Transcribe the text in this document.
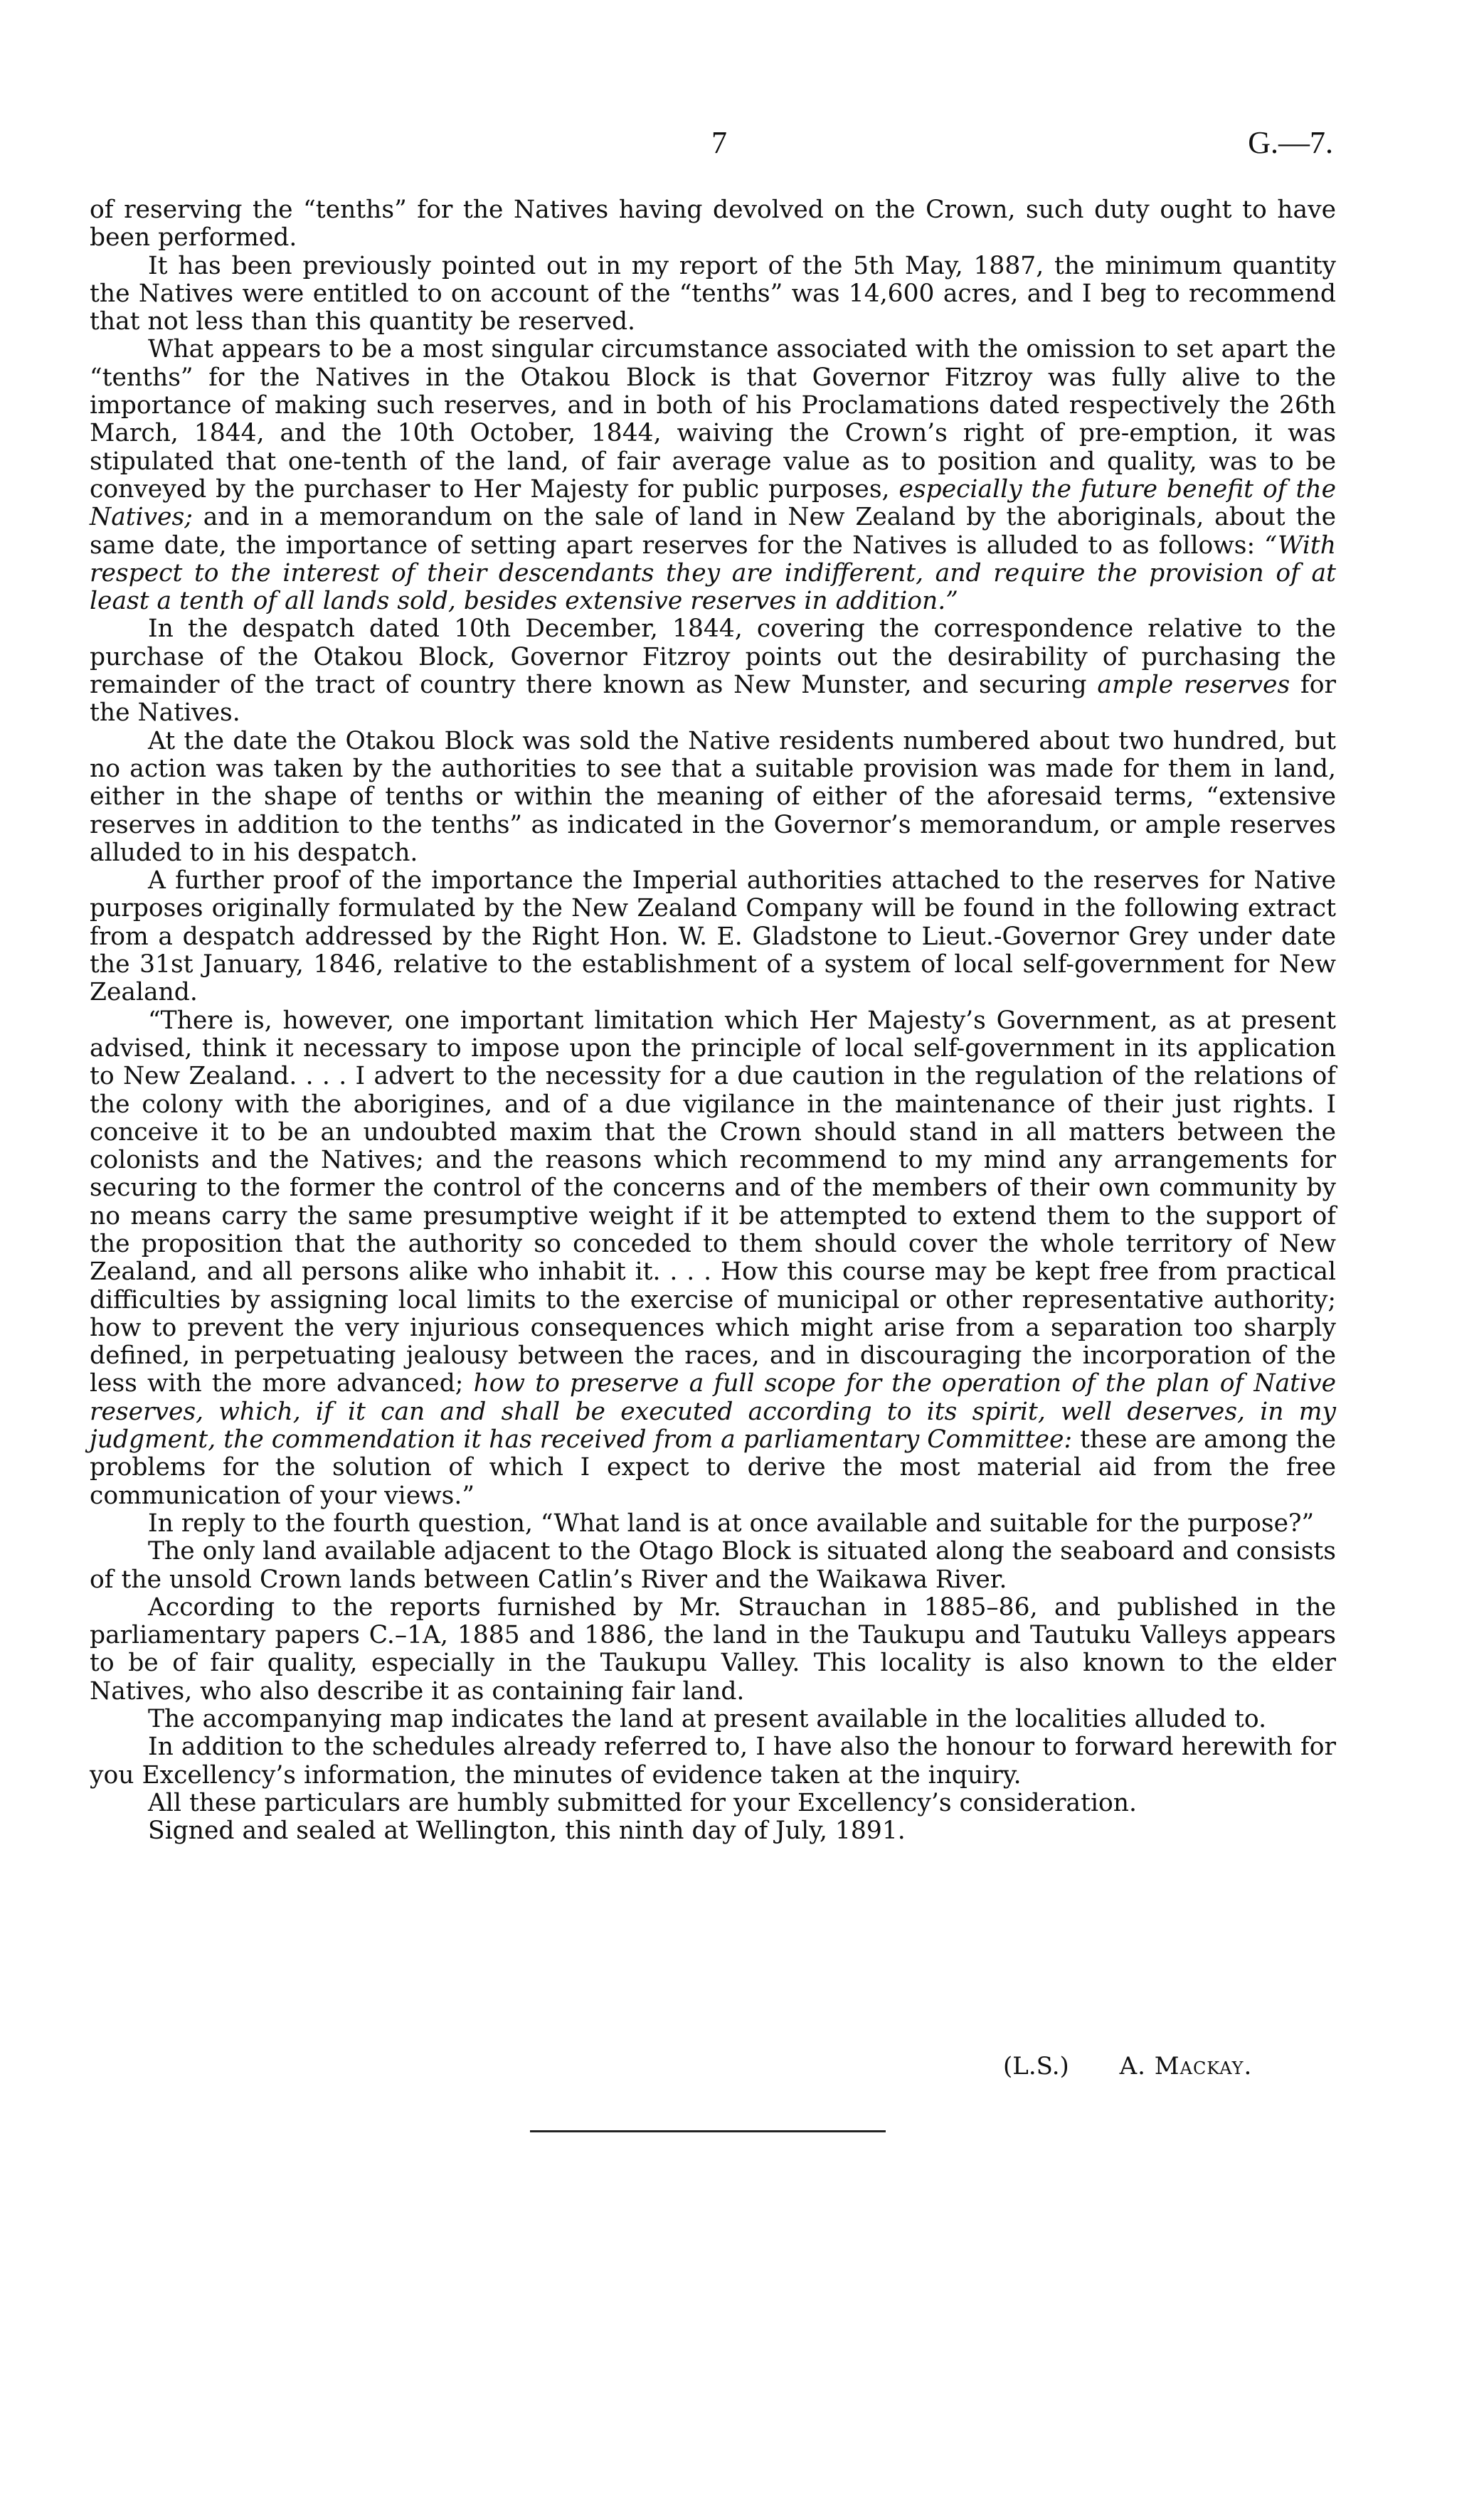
7	G.—7.

of reserving the “tenths” for the Natives having devolved on the Crown, such duty ought to have been performed.

It has been previously pointed out in my report of the 5th May, 1887, the minimum quantity the Natives were entitled to on account of the “tenths” was 14,600 acres, and I beg to recommend that not less than this quantity be reserved.

What appears to be a most singular circumstance associated with the omission to set apart the “tenths” for the Natives in the Otakou Block is that Governor Fitzroy was fully alive to the importance of making such reserves, and in both of his Proclamations dated respectively the 26th March, 1844, and the 10th October, 1844, waiving the Crown’s right of pre-emption, it was stipulated that one-tenth of the land, of fair average value as to position and quality, was to be conveyed by the purchaser to Her Majesty for public purposes, especially the future benefit of the Natives; and in a memorandum on the sale of land in New Zealand by the aboriginals, about the same date, the importance of setting apart reserves for the Natives is alluded to as follows: “With respect to the interest of their descendants they are indifferent, and require the provision of at least a tenth of all lands sold, besides extensive reserves in addition.”

In the despatch dated 10th December, 1844, covering the correspondence relative to the purchase of the Otakou Block, Governor Fitzroy points out the desirability of purchasing the remainder of the tract of country there known as New Munster, and securing ample reserves for the Natives.

At the date the Otakou Block was sold the Native residents numbered about two hundred, but no action was taken by the authorities to see that a suitable provision was made for them in land, either in the shape of tenths or within the meaning of either of the aforesaid terms, “extensive reserves in addition to the tenths” as indicated in the Governor’s memorandum, or ample reserves alluded to in his despatch.

A further proof of the importance the Imperial authorities attached to the reserves for Native purposes originally formulated by the New Zealand Company will be found in the following extract from a despatch addressed by the Right Hon. W. E. Gladstone to Lieut.-Governor Grey under date the 31st January, 1846, relative to the establishment of a system of local self-government for New Zealand.

“There is, however, one important limitation which Her Majesty’s Government, as at present advised, think it necessary to impose upon the principle of local self-government in its application to New Zealand. . . . I advert to the necessity for a due caution in the regulation of the relations of the colony with the aborigines, and of a due vigilance in the maintenance of their just rights. I conceive it to be an undoubted maxim that the Crown should stand in all matters between the colonists and the Natives; and the reasons which recommend to my mind any arrangements for securing to the former the control of the concerns and of the members of their own community by no means carry the same presumptive weight if it be attempted to extend them to the support of the proposition that the authority so conceded to them should cover the whole territory of New Zealand, and all persons alike who inhabit it. . . . How this course may be kept free from practical difficulties by assigning local limits to the exercise of municipal or other representative authority; how to prevent the very injurious consequences which might arise from a separation too sharply defined, in perpetuating jealousy between the races, and in discouraging the incorporation of the less with the more advanced; how to preserve a full scope for the operation of the plan of Native reserves, which, if it can and shall be executed according to its spirit, well deserves, in my judgment, the commendation it has received from a parliamentary Committee: these are among the problems for the solution of which I expect to derive the most material aid from the free communication of your views.”

In reply to the fourth question, “What land is at once available and suitable for the purpose?”

The only land available adjacent to the Otago Block is situated along the seaboard and consists of the unsold Crown lands between Catlin’s River and the Waikawa River.

According to the reports furnished by Mr. Strauchan in 1885–86, and published in the parliamentary papers C.–1A, 1885 and 1886, the land in the Taukupu and Tautuku Valleys appears to be of fair quality, especially in the Taukupu Valley. This locality is also known to the elder Natives, who also describe it as containing fair land.

The accompanying map indicates the land at present available in the localities alluded to.

In addition to the schedules already referred to, I have also the honour to forward herewith for you Excellency’s information, the minutes of evidence taken at the inquiry.

All these particulars are humbly submitted for your Excellency’s consideration.

Signed and sealed at Wellington, this ninth day of July, 1891.

(L.S.) A. Mackay.
